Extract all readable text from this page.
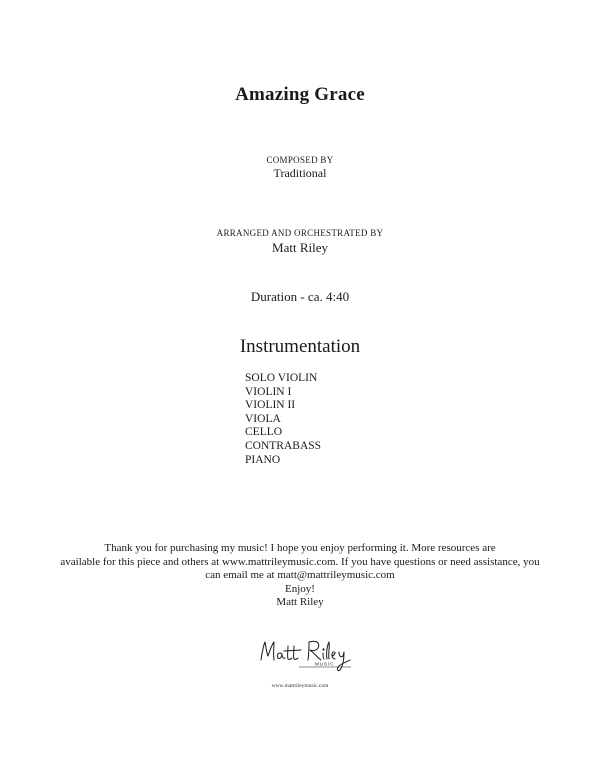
Amazing Grace
COMPOSED BY
Traditional
ARRANGED AND ORCHESTRATED BY
Matt Riley
Duration - ca. 4:40
Instrumentation
SOLO VIOLIN
VIOLIN I
VIOLIN II
VIOLA
CELLO
CONTRABASS
PIANO

Thank you for purchasing my music! I hope you enjoy performing it. More resources are

available for this piece and others at www.mattrileymusic.com. If you have questions or need assistance, you

can email me at matt@mattrileymusic.com

Enjoy!

Matt Riley

MUSIC
www.mattrileymusic.com
